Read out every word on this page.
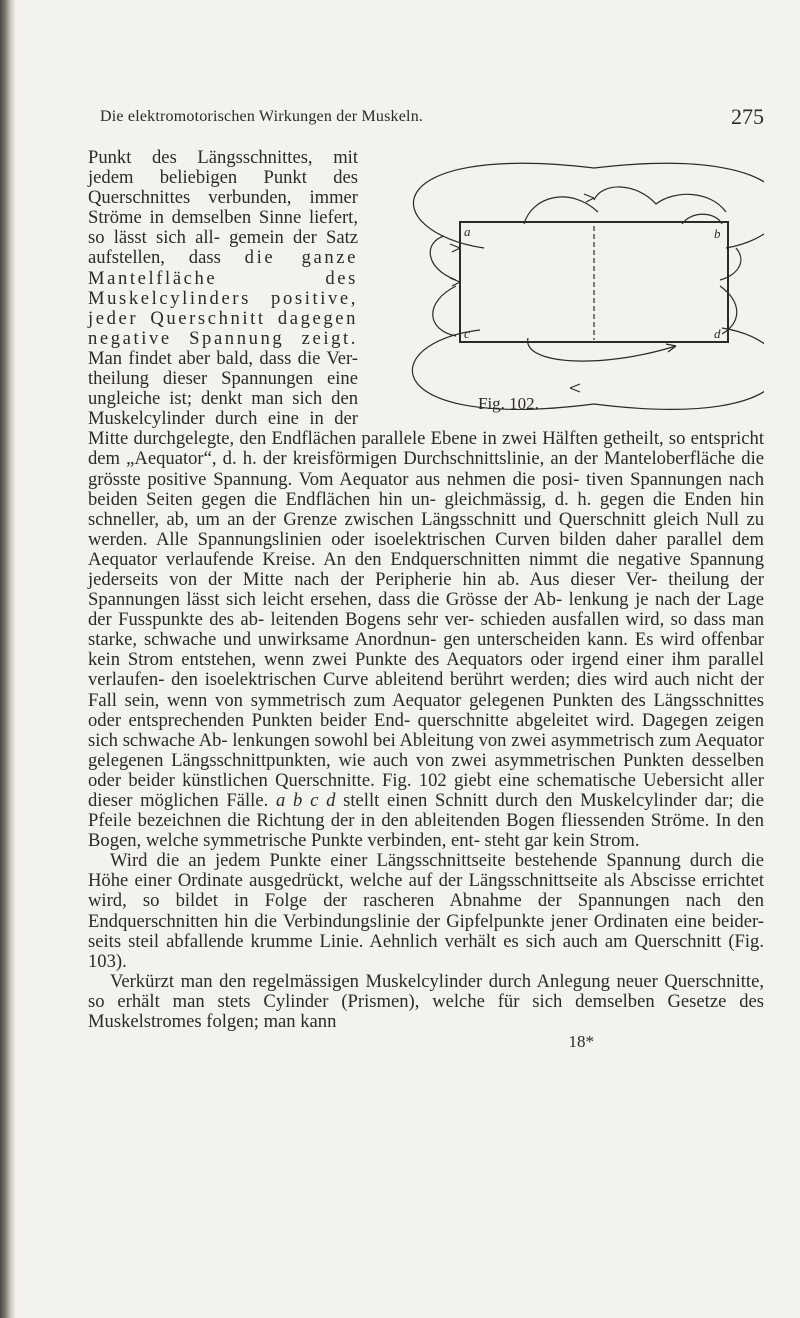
Die elektromotorischen Wirkungen der Muskeln.	275
a	b
c	d
Fig. 102.

Punkt des Längsschnittes, mit jedem beliebigen Punkt des Querschnittes verbunden, immer Ströme in demselben Sinne liefert, so lässt sich all- gemein der Satz aufstellen, dass die ganze Mantelfläche des Muskelcylinders positive, jeder Querschnitt dagegen negative Spannung zeigt. Man findet aber bald, dass die Ver- theilung dieser Spannungen eine ungleiche ist; denkt man sich den Muskelcylinder durch eine in der Mitte durchgelegte, den Endflächen parallele Ebene in zwei Hälften getheilt, so entspricht dem „Aequator“, d. h. der kreisförmigen Durchschnittslinie, an der Manteloberfläche die grösste positive Spannung. Vom Aequator aus nehmen die posi- tiven Spannungen nach beiden Seiten gegen die Endflächen hin un- gleichmässig, d. h. gegen die Enden hin schneller, ab, um an der Grenze zwischen Längsschnitt und Querschnitt gleich Null zu werden. Alle Spannungslinien oder isoelektrischen Curven bilden daher parallel dem Aequator verlaufende Kreise. An den Endquerschnitten nimmt die negative Spannung jederseits von der Mitte nach der Peripherie hin ab. Aus dieser Ver- theilung der Spannungen lässt sich leicht ersehen, dass die Grösse der Ab- lenkung je nach der Lage der Fusspunkte des ab- leitenden Bogens sehr ver- schieden ausfallen wird, so dass man starke, schwache und unwirksame Anordnun- gen unterscheiden kann. Es wird offenbar kein Strom entstehen, wenn zwei Punkte des Aequators oder irgend einer ihm parallel verlaufen- den isoelektrischen Curve ableitend berührt werden; dies wird auch nicht der Fall sein, wenn von symmetrisch zum Aequator gelegenen Punkten des Längsschnittes oder entsprechenden Punkten beider End- querschnitte abgeleitet wird. Dagegen zeigen sich schwache Ab- lenkungen sowohl bei Ableitung von zwei asymmetrisch zum Aequator gelegenen Längsschnittpunkten, wie auch von zwei asymmetrischen Punkten desselben oder beider künstlichen Querschnitte. Fig. 102 giebt eine schematische Uebersicht aller dieser möglichen Fälle. a b c d stellt einen Schnitt durch den Muskelcylinder dar; die Pfeile bezeichnen die Richtung der in den ableitenden Bogen fliessenden Ströme. In den Bogen, welche symmetrische Punkte verbinden, ent- steht gar kein Strom.

Wird die an jedem Punkte einer Längsschnittseite bestehende Spannung durch die Höhe einer Ordinate ausgedrückt, welche auf der Längsschnittseite als Abscisse errichtet wird, so bildet in Folge der rascheren Abnahme der Spannungen nach den Endquerschnitten hin die Verbindungslinie der Gipfelpunkte jener Ordinaten eine beider- seits steil abfallende krumme Linie. Aehnlich verhält es sich auch am Querschnitt (Fig. 103).

Verkürzt man den regelmässigen Muskelcylinder durch Anlegung neuer Querschnitte, so erhält man stets Cylinder (Prismen), welche für sich demselben Gesetze des Muskelstromes folgen; man kann

18*
